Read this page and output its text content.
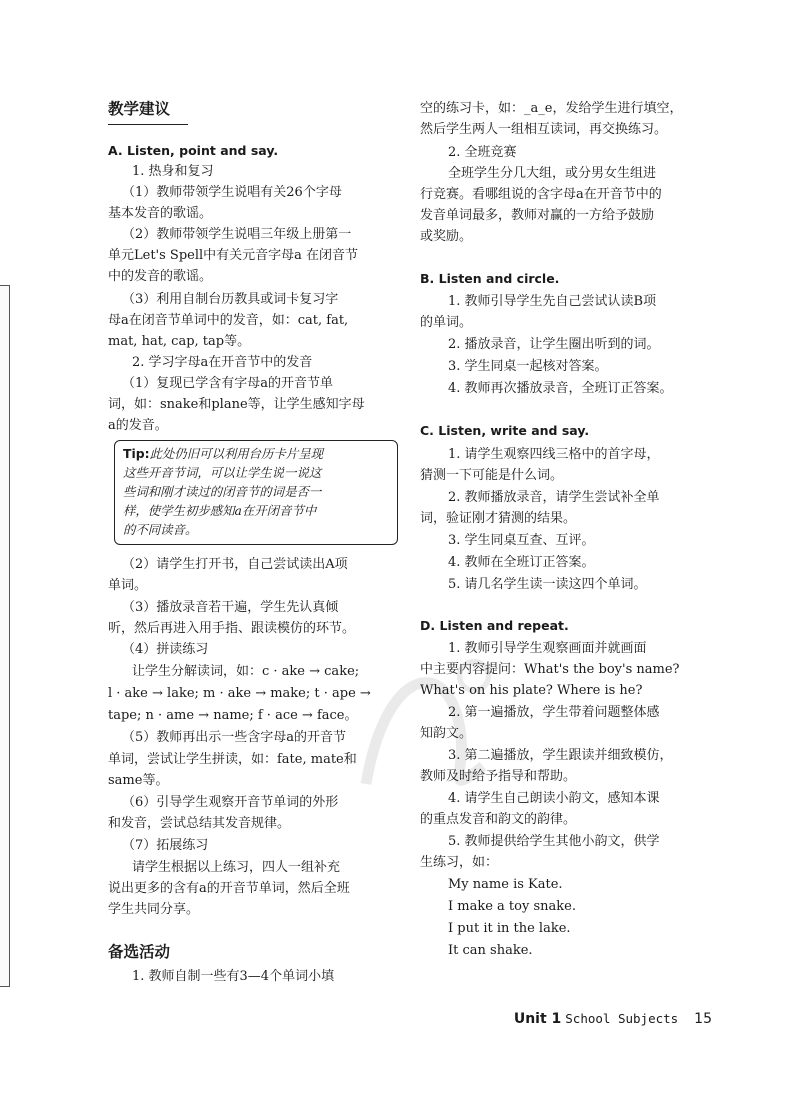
教学建议
A. Listen, point and say.
1. 热身和复习
（1）教师带领学生说唱有关26个字母
基本发音的歌谣。
（2）教师带领学生说唱三年级上册第一
单元Let's Spell中有关元音字母a 在闭音节
中的发音的歌谣。
（3）利用自制台历教具或词卡复习字
母a在闭音节单词中的发音，如：cat, fat,
mat, hat, cap, tap等。
2. 学习字母a在开音节中的发音
（1）复现已学含有字母a的开音节单
词，如：snake和plane等，让学生感知字母
a的发音。
Tip:此处仍旧可以利用台历卡片呈现
这些开音节词，可以让学生说一说这
些词和刚才读过的闭音节的词是否一
样，使学生初步感知a在开闭音节中
的不同读音。
（2）请学生打开书，自己尝试读出A项
单词。
（3）播放录音若干遍，学生先认真倾
听，然后再进入用手指、跟读模仿的环节。
（4）拼读练习
让学生分解读词，如：c · ake → cake;
l · ake → lake; m · ake → make; t · ape →
tape; n · ame → name; f · ace → face。
（5）教师再出示一些含字母a的开音节
单词，尝试让学生拼读，如：fate, mate和
same等。
（6）引导学生观察开音节单词的外形
和发音，尝试总结其发音规律。
（7）拓展练习
请学生根据以上练习，四人一组补充
说出更多的含有a的开音节单词，然后全班
学生共同分享。
备选活动
1. 教师自制一些有3—4个单词小填
空的练习卡，如：_a_e，发给学生进行填空，
然后学生两人一组相互读词，再交换练习。
2. 全班竞赛
全班学生分几大组，或分男女生组进
行竞赛。看哪组说的含字母a在开音节中的
发音单词最多，教师对赢的一方给予鼓励
或奖励。
B. Listen and circle.
1. 教师引导学生先自己尝试认读B项
的单词。
2. 播放录音，让学生圈出听到的词。
3. 学生同桌一起核对答案。
4. 教师再次播放录音，全班订正答案。
C. Listen, write and say.
1. 请学生观察四线三格中的首字母，
猜测一下可能是什么词。
2. 教师播放录音，请学生尝试补全单
词，验证刚才猜测的结果。
3. 学生同桌互查、互评。
4. 教师在全班订正答案。
5. 请几名学生读一读这四个单词。
D. Listen and repeat.
1. 教师引导学生观察画面并就画面
中主要内容提问：What's the boy's name?
What's on his plate? Where is he?
2. 第一遍播放，学生带着问题整体感
知韵文。
3. 第二遍播放，学生跟读并细致模仿，
教师及时给予指导和帮助。
4. 请学生自己朗读小韵文，感知本课
的重点发音和韵文的韵律。
5. 教师提供给学生其他小韵文，供学
生练习，如：
My name is Kate.
I make a toy snake.
I put it in the lake.
It can shake.
Unit 1 School Subjects 15
